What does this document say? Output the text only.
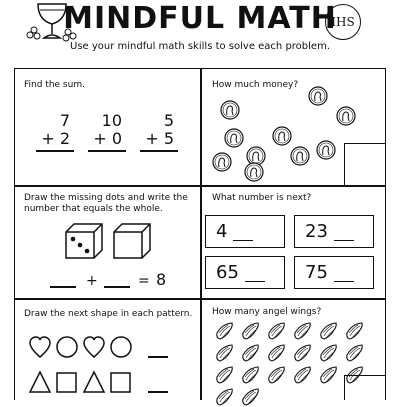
MINDFUL MATH
IHS
Use your mindful math skills to solve each problem.
Find the sum.
7
+ 2
10
+ 0
5
+ 5
How much money?
Draw the missing dots and write the
number that equals the whole.
+	= 8
What number is next?
4	23
65	75
Draw the next shape in each pattern. How many angel wings?
